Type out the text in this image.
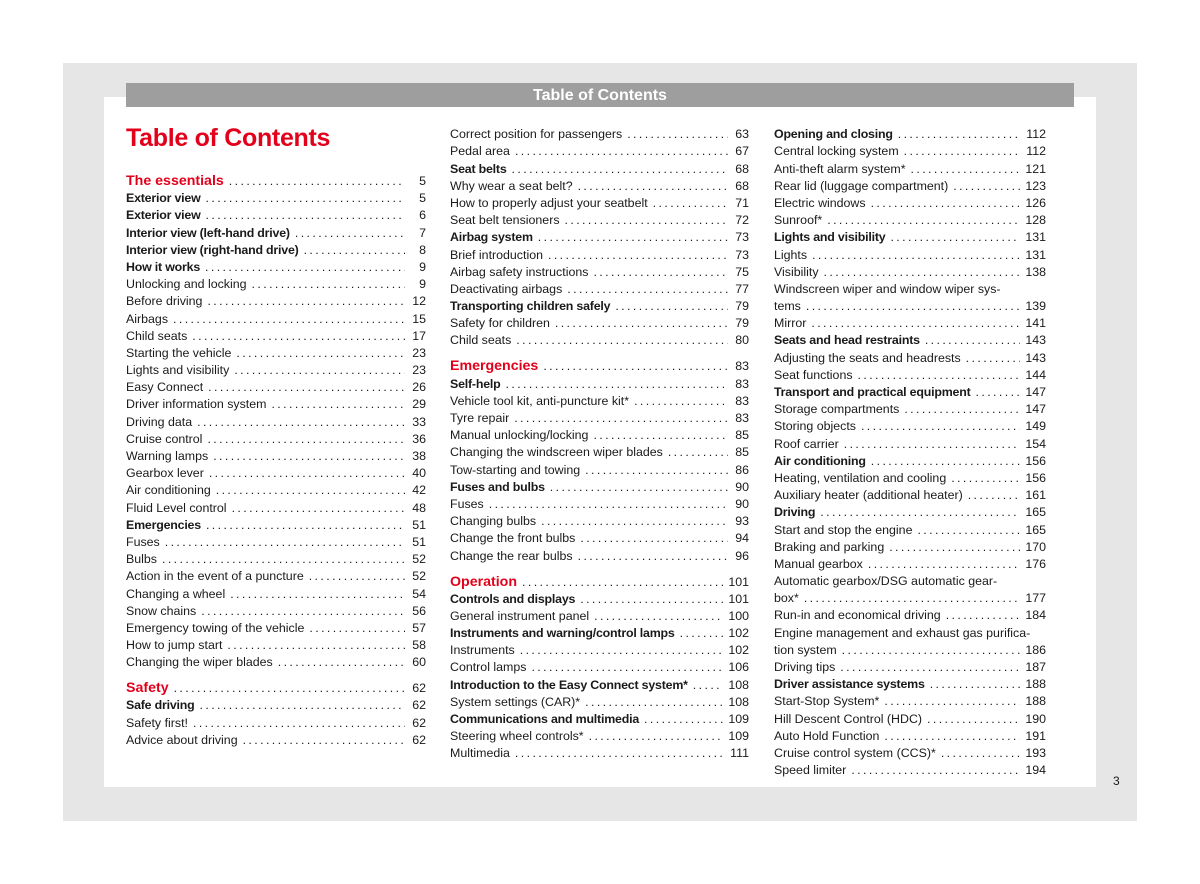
Table of Contents
Table of Contents
The essentials .....	5
Exterior view .....	5
Exterior view .....	6
Interior view (left-hand drive) .....	7
Interior view (right-hand drive) .....	8
How it works .....	9
Unlocking and locking .....	9
Before driving .....	12
Airbags .....	15
Child seats .....	17
Starting the vehicle .....	23
Lights and visibility .....	23
Easy Connect .....	26
Driver information system .....	29
Driving data .....	33
Cruise control .....	36
Warning lamps .....	38
Gearbox lever .....	40
Air conditioning .....	42
Fluid Level control .....	48
Emergencies .....	51
Fuses .....	51
Bulbs .....	52
Action in the event of a puncture .....	52
Changing a wheel .....	54
Snow chains .....	56
Emergency towing of the vehicle .....	57
How to jump start .....	58
Changing the wiper blades .....	60
Safety .....	62
Safe driving .....	62
Safety first! .....	62
Advice about driving .....	62
Correct position for passengers .....	63
Pedal area .....	67
Seat belts .....	68
Why wear a seat belt? .....	68
How to properly adjust your seatbelt .....	71
Seat belt tensioners .....	72
Airbag system .....	73
Brief introduction .....	73
Airbag safety instructions .....	75
Deactivating airbags .....	77
Transporting children safely .....	79
Safety for children .....	79
Child seats .....	80
Emergencies .....	83
Self-help .....	83
Vehicle tool kit, anti-puncture kit* .....	83
Tyre repair .....	83
Manual unlocking/locking .....	85
Changing the windscreen wiper blades .....	85
Tow-starting and towing .....	86
Fuses and bulbs .....	90
Fuses .....	90
Changing bulbs .....	93
Change the front bulbs .....	94
Change the rear bulbs .....	96
Operation .....	101
Controls and displays .....	101
General instrument panel .....	100
Instruments and warning/control lamps .....	102
Instruments .....	102
Control lamps .....	106
Introduction to the Easy Connect system* .....	108
System settings (CAR)* .....	108
Communications and multimedia .....	109
Steering wheel controls* .....	109
Multimedia .....	111
Opening and closing .....	112
Central locking system .....	112
Anti-theft alarm system* .....	121
Rear lid (luggage compartment) .....	123
Electric windows .....	126
Sunroof* .....	128
Lights and visibility .....	131
Lights .....	131
Visibility .....	138
Windscreen wiper and window wiper sys-
tems .....	139
Mirror .....	141
Seats and head restraints .....	143
Adjusting the seats and headrests .....	143
Seat functions .....	144
Transport and practical equipment .....	147
Storage compartments .....	147
Storing objects .....	149
Roof carrier .....	154
Air conditioning .....	156
Heating, ventilation and cooling .....	156
Auxiliary heater (additional heater) .....	161
Driving .....	165
Start and stop the engine .....	165
Braking and parking .....	170
Manual gearbox .....	176
Automatic gearbox/DSG automatic gear-
box* .....	177
Run-in and economical driving .....	184
Engine management and exhaust gas purifica-
tion system .....	186
Driving tips .....	187
Driver assistance systems .....	188
Start-Stop System* .....	188
Hill Descent Control (HDC) .....	190
Auto Hold Function .....	191
Cruise control system (CCS)* .....	193
Speed limiter .....	194
3
